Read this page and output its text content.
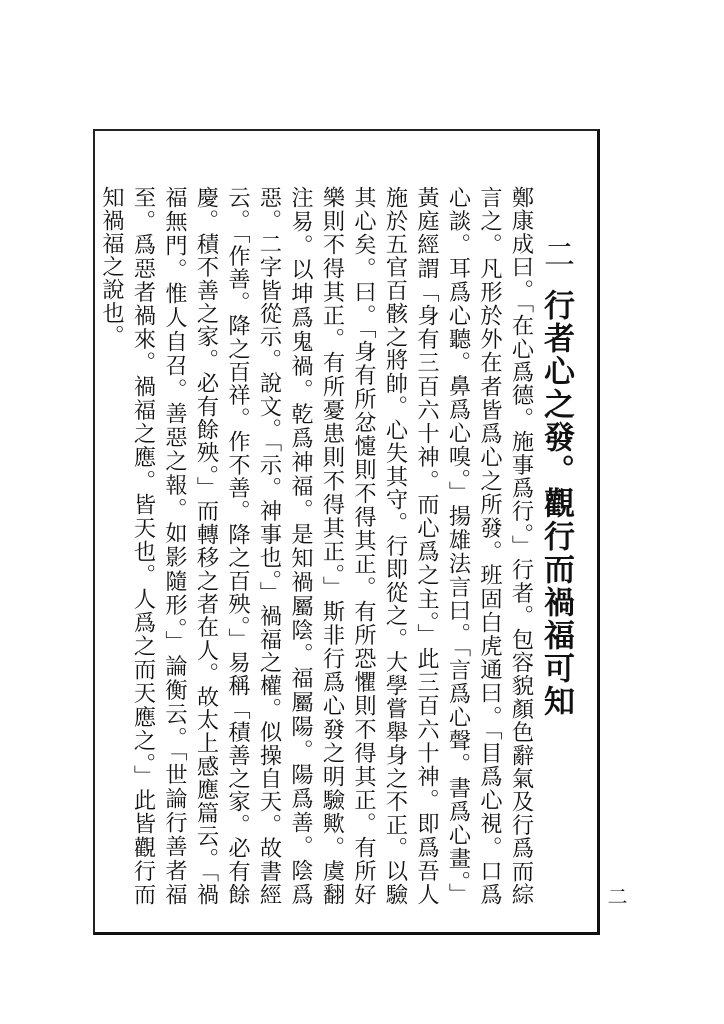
二行者心之發。觀行而禍福可知

鄭康成曰。「在心爲德。施事爲行。」行者。包容貌顏色辭氣及行爲而綜言之。凡形於外在者皆爲心之所發。班固白虎通曰。「目爲心視。口爲心談。耳爲心聽。鼻爲心嗅。」揚雄法言曰。「言爲心聲。書爲心畫。」黃庭經謂「身有三百六十神。而心爲之主。」此三百六十神。即爲吾人施於五官百骸之將帥。心失其守。行即從之。大學嘗舉身之不正。以驗其心矣。曰。「身有所忿懥則不得其正。有所恐懼則不得其正。有所好樂則不得其正。有所憂患則不得其正。」斯非行爲心發之明驗歟。虞翻注易。以坤爲鬼禍。乾爲神福。是知禍屬陰。福屬陽。陽爲善。陰爲惡。二字皆從示。說文。「示。神事也。」禍福之權。似操自天。故書經云。「作善。降之百祥。作不善。降之百殃。」易稱「積善之家。必有餘慶。積不善之家。必有餘殃。」而轉移之者在人。故太上感應篇云。「禍福無門。惟人自召。善惡之報。如影隨形。」論衡云。「世論行善者福至。爲惡者禍來。禍福之應。皆天也。人爲之而天應之。」此皆觀行而知禍福之說也。

二
